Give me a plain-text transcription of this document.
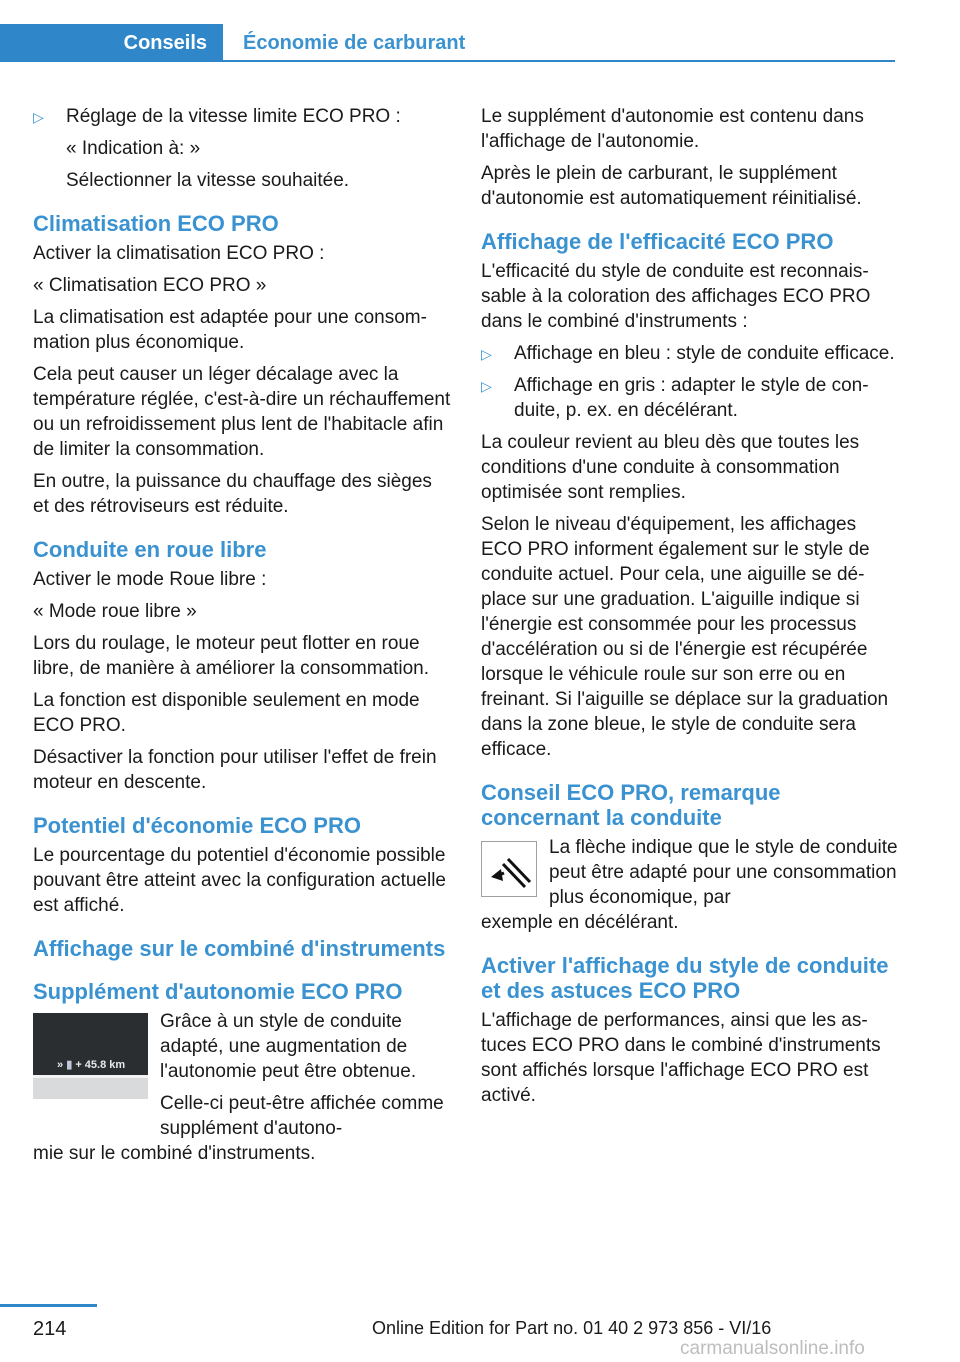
Conseils	Économie de carburant
▷ Réglage de la vitesse limite ECO PRO :

« Indication à: »

Sélectionner la vitesse souhaitée.

Climatisation ECO PRO

Activer la climatisation ECO PRO :

« Climatisation ECO PRO »

La climatisation est adaptée pour une consommation plus économique.

Cela peut causer un léger décalage avec la température réglée, c'est-à-dire un réchauffement ou un refroidissement plus lent de l'habitacle afin de limiter la consommation.

En outre, la puissance du chauffage des sièges et des rétroviseurs est réduite.

Conduite en roue libre

Activer le mode Roue libre :

« Mode roue libre »

Lors du roulage, le moteur peut flotter en roue libre, de manière à améliorer la consommation.

La fonction est disponible seulement en mode ECO PRO.

Désactiver la fonction pour utiliser l'effet de frein moteur en descente.

Potentiel d'économie ECO PRO

Le pourcentage du potentiel d'économie possible pouvant être atteint avec la configuration actuelle est affiché.

Affichage sur le combiné d'instruments
Supplément d'autonomie ECO PRO
» ▮ + 45.8 km

Grâce à un style de conduite adapté, une augmentation de l'autonomie peut être obtenue.

Celle-ci peut-être affichée comme supplément d'autono-

mie sur le combiné d'instruments.

Le supplément d'autonomie est contenu dans l'affichage de l'autonomie.

Après le plein de carburant, le supplément d'autonomie est automatiquement réinitialisé.

Affichage de l'efficacité ECO PRO

L'efficacité du style de conduite est reconnaissable à la coloration des affichages ECO PRO dans le combiné d'instruments :

▷ Affichage en bleu : style de conduite efficace.
▷ Affichage en gris : adapter le style de conduite, p. ex. en décélérant.

La couleur revient au bleu dès que toutes les conditions d'une conduite à consommation optimisée sont remplies.

Selon le niveau d'équipement, les affichages ECO PRO informent également sur le style de conduite actuel. Pour cela, une aiguille se déplace sur une graduation. L'aiguille indique si l'énergie est consommée pour les processus d'accélération ou si de l'énergie est récupérée lorsque le véhicule roule sur son erre ou en freinant. Si l'aiguille se déplace sur la graduation dans la zone bleue, le style de conduite sera efficace.

Conseil ECO PRO, remarque concernant la conduite

La flèche indique que le style de conduite peut être adapté pour une consommation plus économique, par

exemple en décélérant.

Activer l'affichage du style de conduite et des astuces ECO PRO

L'affichage de performances, ainsi que les astuces ECO PRO dans le combiné d'instruments sont affichés lorsque l'affichage ECO PRO est activé.

214	Online Edition for Part no. 01 40 2 973 856 - VI/16
carmanualsonline.info
